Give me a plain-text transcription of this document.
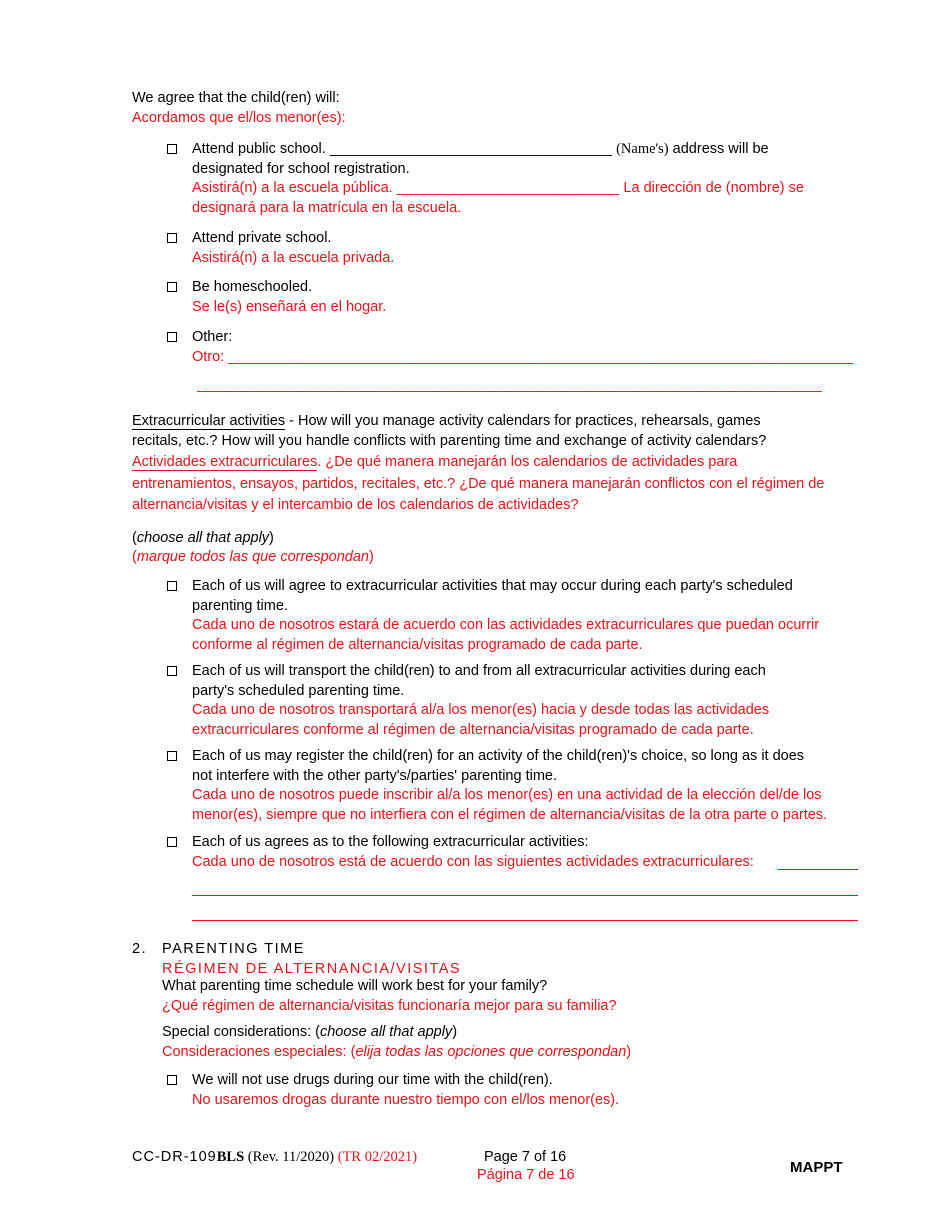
We agree that the child(ren) will:
Acordamos que el/los menor(es):
Attend public school. _________________________________ (Name's) address will be
designated for school registration.
Asistirá(n) a la escuela pública. __________________________ La dirección de (nombre) se
designará para la matrícula en la escuela.
Attend private school.
Asistirá(n) a la escuela privada.
Be homeschooled.
Se le(s) enseñará en el hogar.
Other:
Otro: _________________________________________________________________________
_________________________________________________________________________
Extracurricular activities - How will you manage activity calendars for practices, rehearsals, games
recitals, etc.? How will you handle conflicts with parenting time and exchange of activity calendars?
Actividades extracurriculares. ¿De qué manera manejarán los calendarios de actividades para
entrenamientos, ensayos, partidos, recitales, etc.? ¿De qué manera manejarán conflictos con el régimen de
alternancia/visitas y el intercambio de los calendarios de actividades?
(choose all that apply)
(marque todos las que correspondan)
Each of us will agree to extracurricular activities that may occur during each party's scheduled
parenting time.
Cada uno de nosotros estará de acuerdo con las actividades extracurriculares que puedan ocurrir
conforme al régimen de alternancia/visitas programado de cada parte.
Each of us will transport the child(ren) to and from all extracurricular activities during each
party's scheduled parenting time.
Cada uno de nosotros transportará al/a los menor(es) hacia y desde todas las actividades
extracurriculares conforme al régimen de alternancia/visitas programado de cada parte.
Each of us may register the child(ren) for an activity of the child(ren)'s choice, so long as it does
not interfere with the other party's/parties' parenting time.
Cada uno de nosotros puede inscribir al/a los menor(es) en una actividad de la elección del/de los
menor(es), siempre que no interfiera con el régimen de alternancia/visitas de la otra parte o partes.
Each of us agrees as to the following extracurricular activities:
Cada uno de nosotros está de acuerdo con las siguientes actividades extracurriculares:
2. PARENTING TIME
RÉGIMEN DE ALTERNANCIA/VISITAS
What parenting time schedule will work best for your family?
¿Qué régimen de alternancia/visitas funcionaría mejor para su familia?
Special considerations: (choose all that apply)
Consideraciones especiales: (elija todas las opciones que correspondan)
We will not use drugs during our time with the child(ren).
No usaremos drogas durante nuestro tiempo con el/los menor(es).
CC-DR-109BLS (Rev. 11/2020) (TR 02/2021)	Page 7 of 16
Página 7 de 16	MAPPT
